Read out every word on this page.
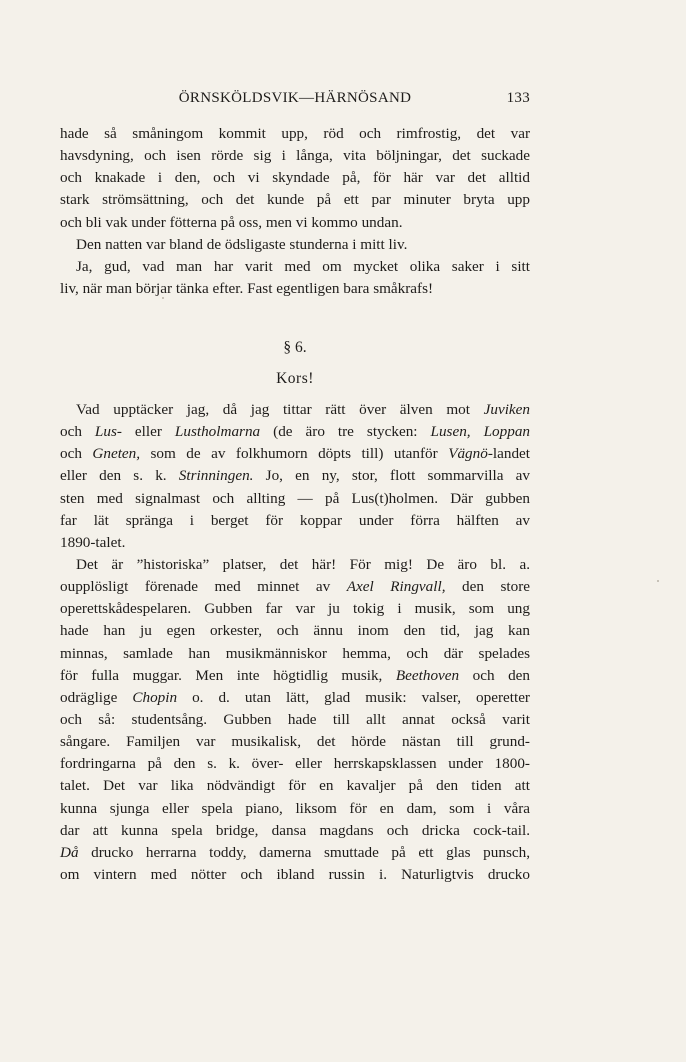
ÖRNSKÖLDSVIK—HÄRNÖSAND	133
hade så småningom kommit upp, röd och rimfrostig, det var
havsdyning, och isen rörde sig i långa, vita böljningar, det suckade
och knakade i den, och vi skyndade på, för här var det alltid
stark strömsättning, och det kunde på ett par minuter bryta upp
och bli vak under fötterna på oss, men vi kommo undan.
Den natten var bland de ödsligaste stunderna i mitt liv.
Ja, gud, vad man har varit med om mycket olika saker i sitt
liv, när man börjar tänka efter. Fast egentligen bara småkrafs!
§ 6.
Kors!
Vad upptäcker jag, då jag tittar rätt över älven mot Juviken
och Lus- eller Lustholmarna (de äro tre stycken: Lusen, Loppan
och Gneten, som de av folkhumorn döpts till) utanför Vägnö-landet
eller den s. k. Strinningen. Jo, en ny, stor, flott sommarvilla av
sten med signalmast och allting — på Lus(t)holmen. Där gubben
far lät spränga i berget för koppar under förra hälften av
1890-talet.
Det är ”historiska” platser, det här! För mig! De äro bl. a.
oupplösligt förenade med minnet av Axel Ringvall, den store
operettskådespelaren. Gubben far var ju tokig i musik, som ung
hade han ju egen orkester, och ännu inom den tid, jag kan
minnas, samlade han musikmänniskor hemma, och där spelades
för fulla muggar. Men inte högtidlig musik, Beethoven och den
odräglige Chopin o. d. utan lätt, glad musik: valser, operetter
och så: studentsång. Gubben hade till allt annat också varit
sångare. Familjen var musikalisk, det hörde nästan till grund-
fordringarna på den s. k. över- eller herrskapsklassen under 1800-
talet. Det var lika nödvändigt för en kavaljer på den tiden att
kunna sjunga eller spela piano, liksom för en dam, som i våra
dar att kunna spela bridge, dansa magdans och dricka cock-tail.
Då drucko herrarna toddy, damerna smuttade på ett glas punsch,
om vintern med nötter och ibland russin i. Naturligtvis drucko
